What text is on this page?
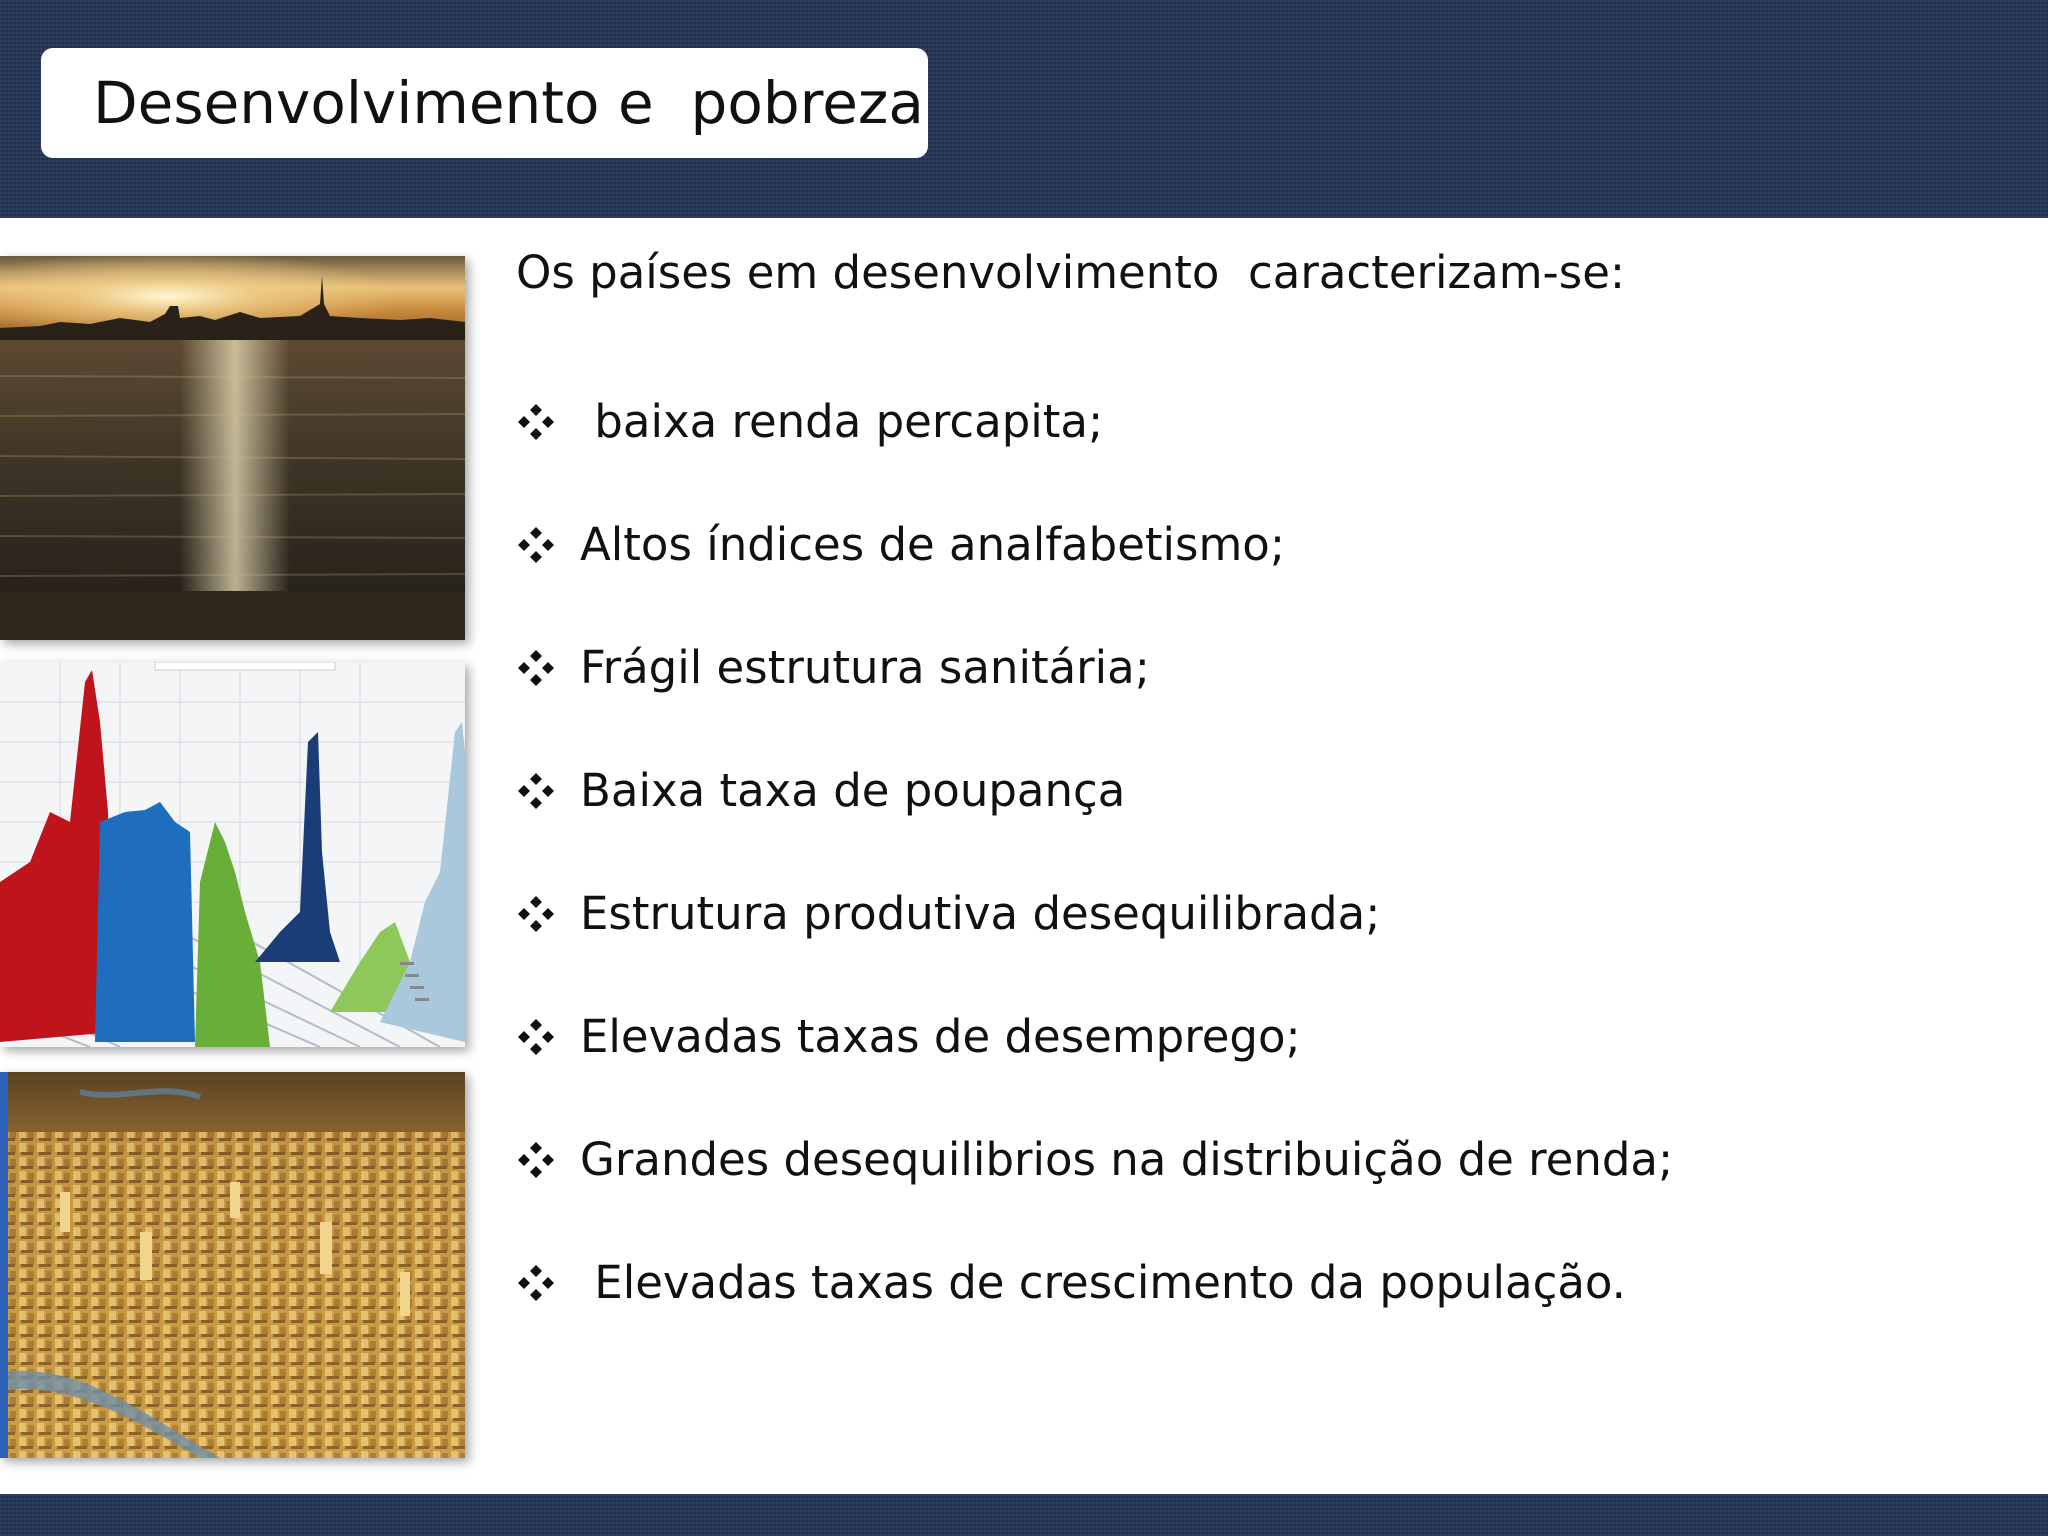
Desenvolvimento e  pobreza
Os países em desenvolvimento  caracterizam-se:
baixa renda percapita;
Altos índices de analfabetismo;
Frágil estrutura sanitária;
Baixa taxa de poupança
Estrutura produtiva desequilibrada;
Elevadas taxas de desemprego;
Grandes desequilibrios na distribuição de renda;
Elevadas taxas de crescimento da população.
